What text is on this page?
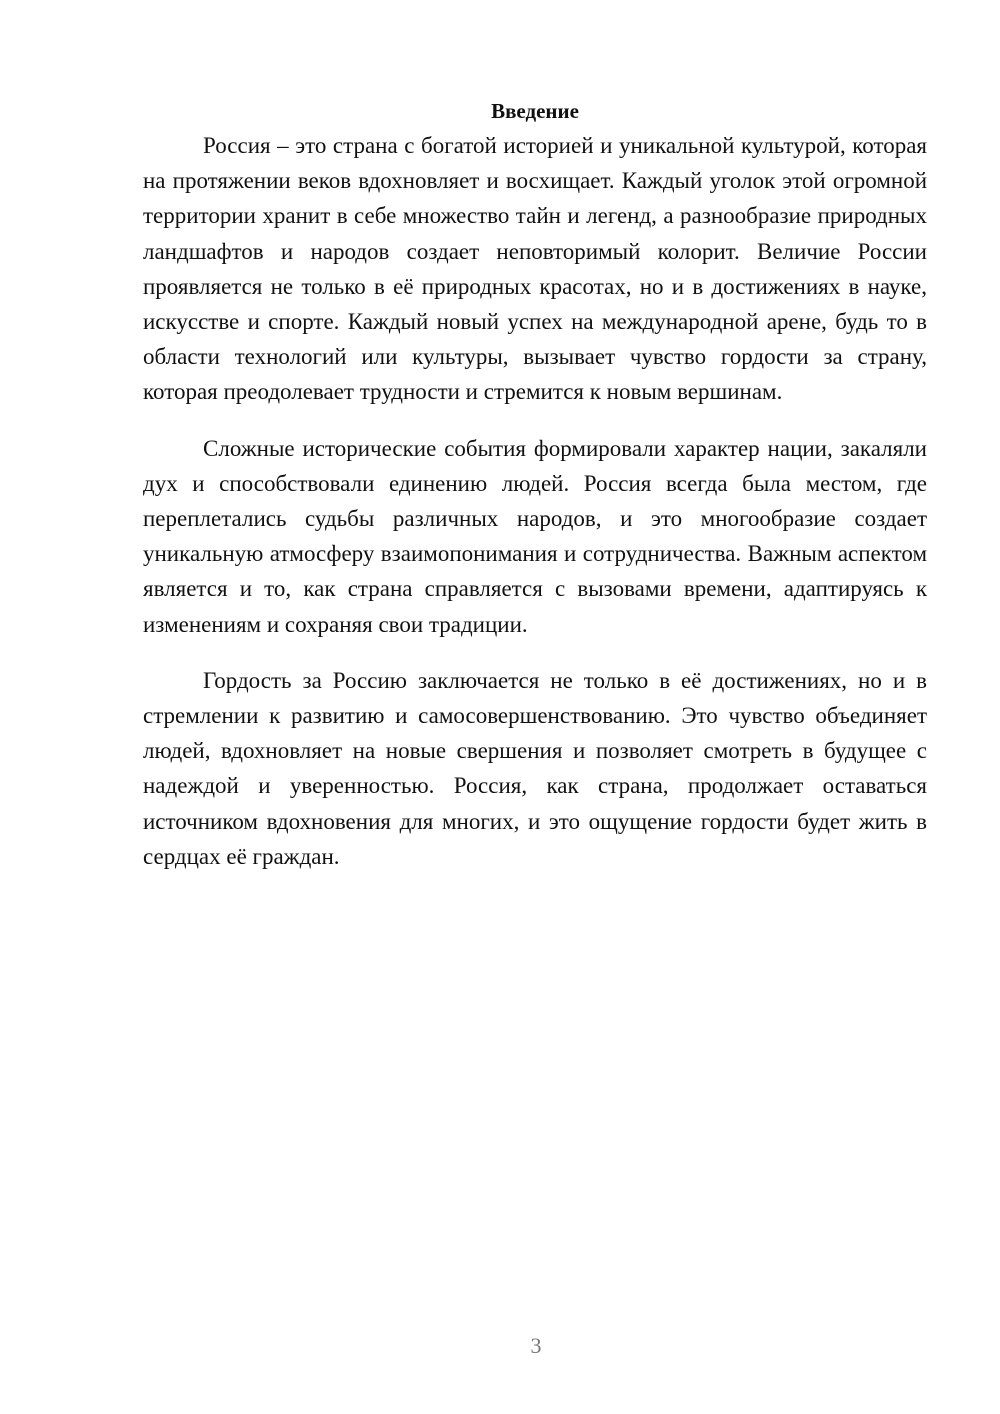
Введение

Россия – это страна с богатой историей и уникальной культурой, которая на протяжении веков вдохновляет и восхищает. Каждый уголок этой огромной территории хранит в себе множество тайн и легенд, а разнообразие природных ландшафтов и народов создает неповторимый колорит. Величие России проявляется не только в её природных красотах, но и в достижениях в науке, искусстве и спорте. Каждый новый успех на международной арене, будь то в области технологий или культуры, вызывает чувство гордости за страну, которая преодолевает трудности и стремится к новым вершинам.

Сложные исторические события формировали характер нации, закаляли дух и способствовали единению людей. Россия всегда была местом, где переплетались судьбы различных народов, и это многообразие создает уникальную атмосферу взаимопонимания и сотрудничества. Важным аспектом является и то, как страна справляется с вызовами времени, адаптируясь к изменениям и сохраняя свои традиции.

Гордость за Россию заключается не только в её достижениях, но и в стремлении к развитию и самосовершенствованию. Это чувство объединяет людей, вдохновляет на новые свершения и позволяет смотреть в будущее с надеждой и уверенностью. Россия, как страна, продолжает оставаться источником вдохновения для многих, и это ощущение гордости будет жить в сердцах её граждан.

3
